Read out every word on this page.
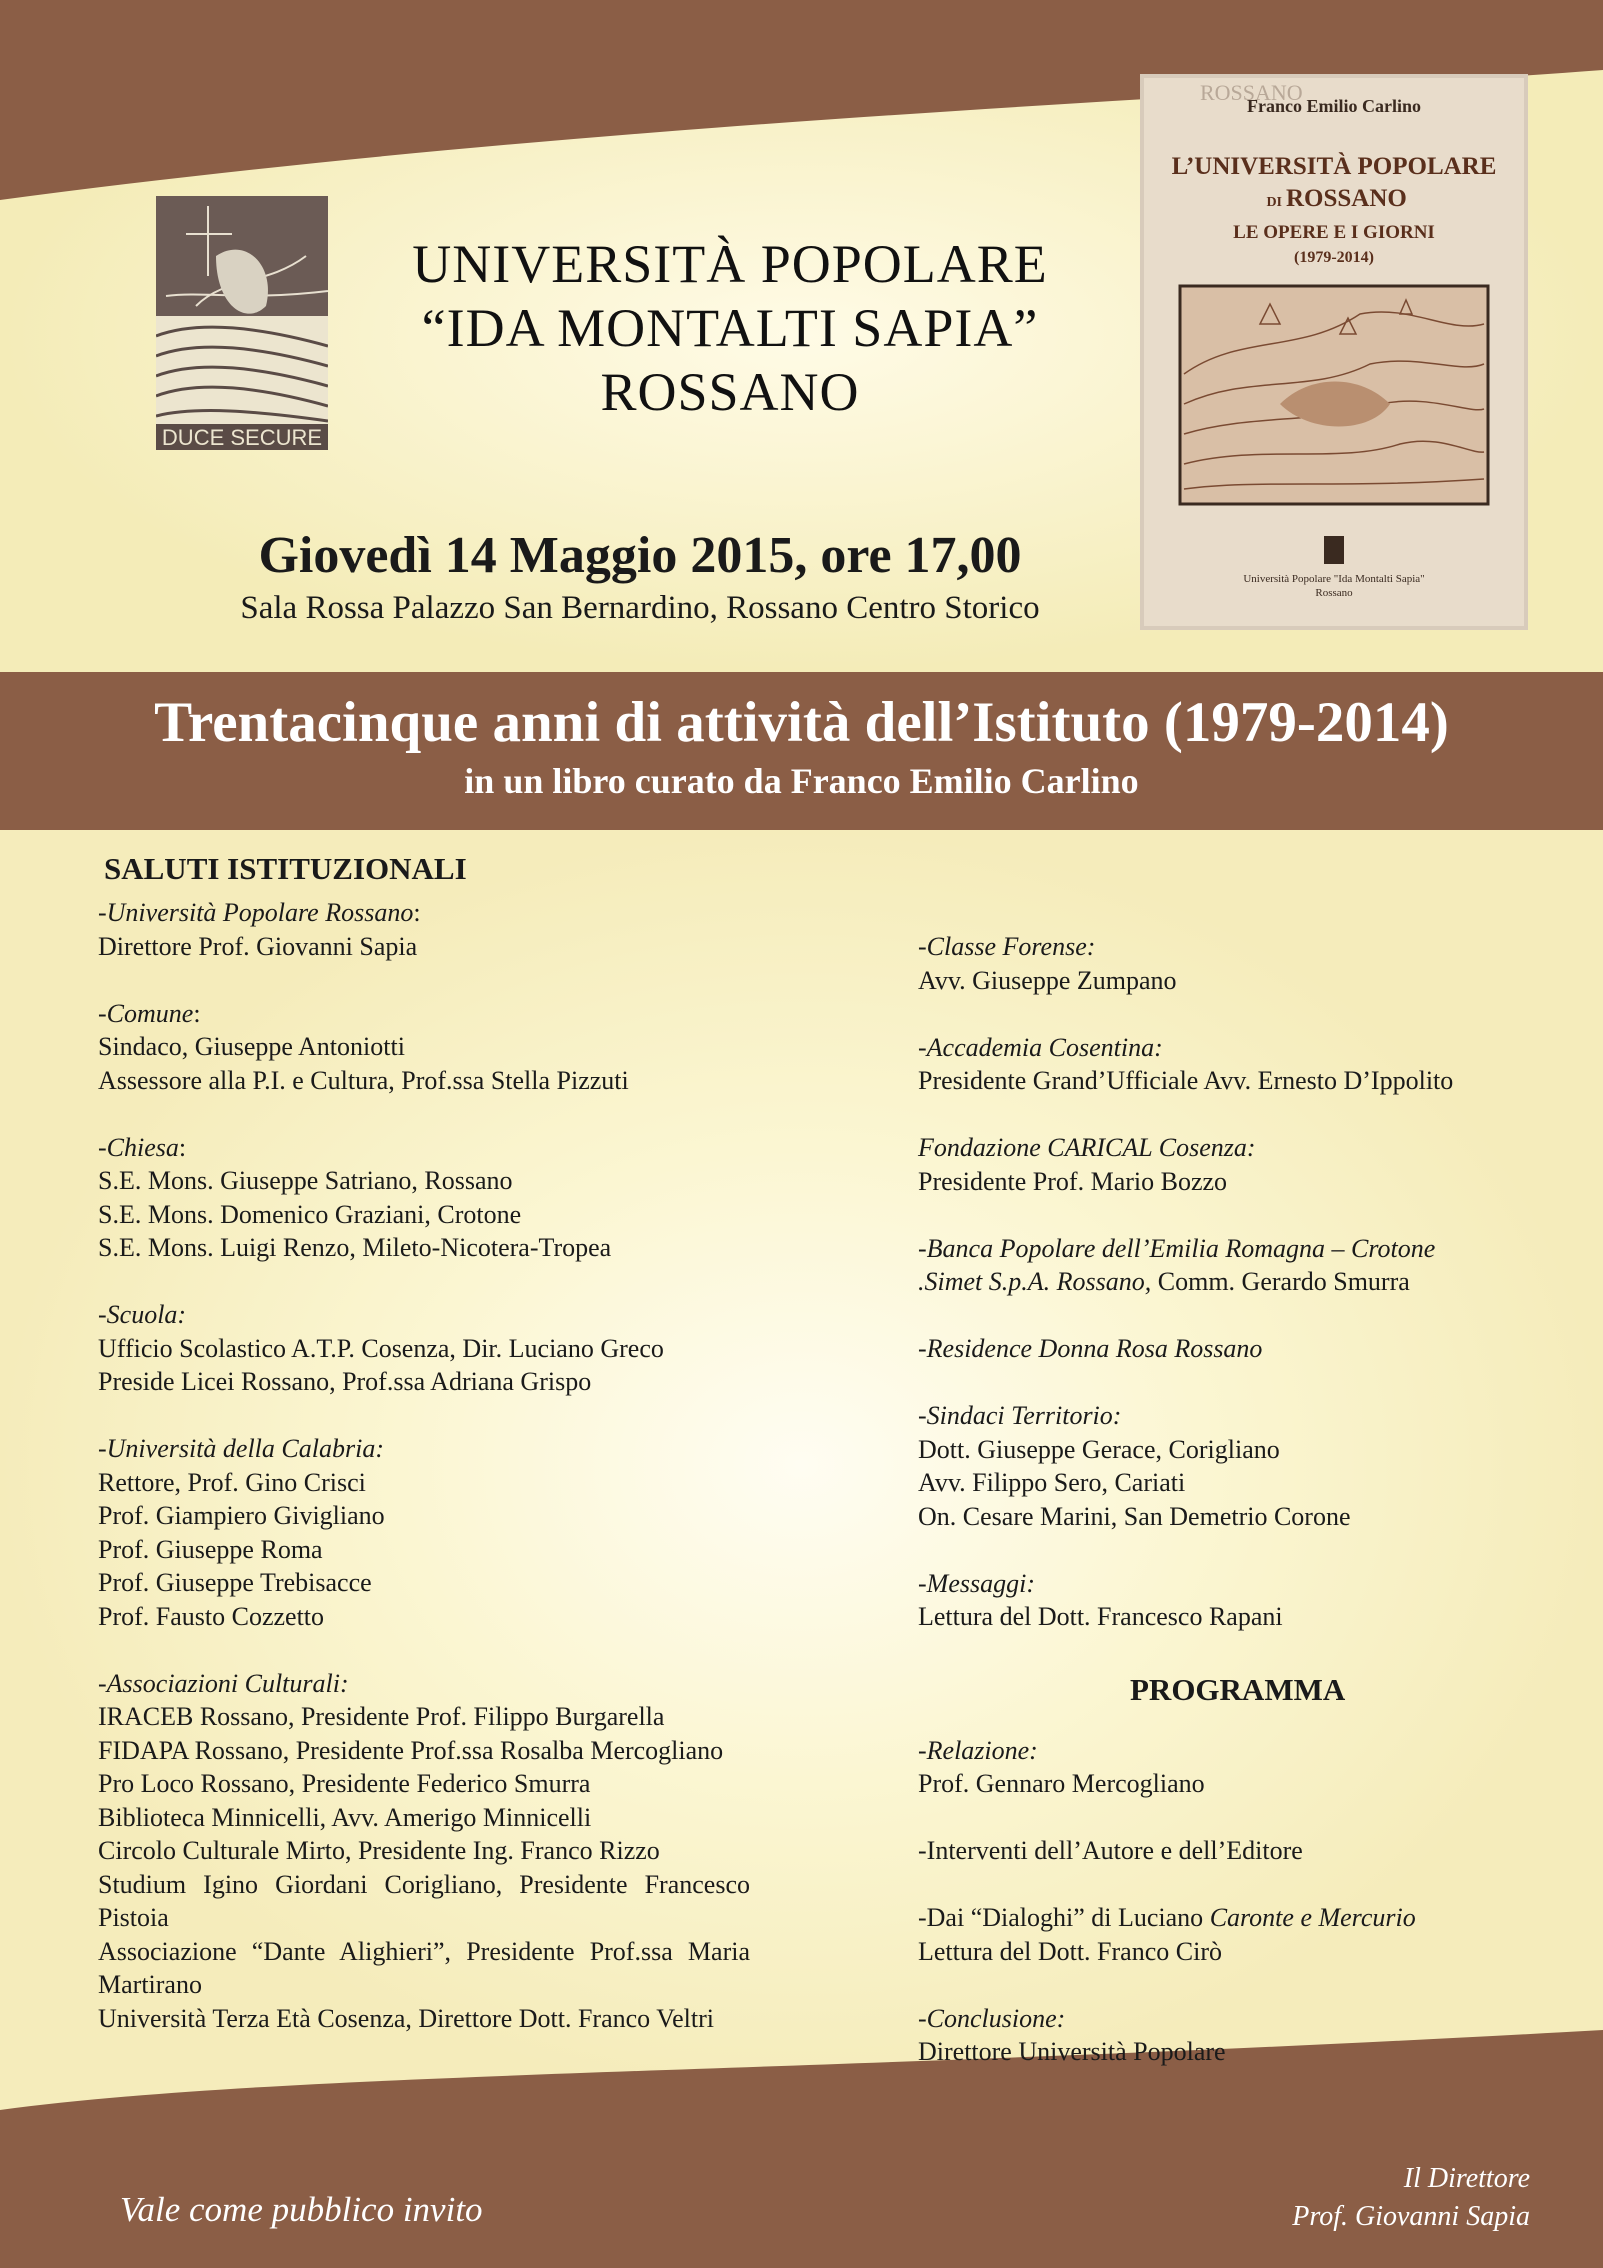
DUCE SECURE
UNIVERSITÀ POPOLARE
“IDA MONTALTI SAPIA”
ROSSANO
Giovedì 14 Maggio 2015, ore 17,00
Sala Rossa Palazzo San Bernardino, Rossano Centro Storico
ROSSANO
Franco Emilio Carlino
L’UNIVERSITÀ POPOLARE
DI ROSSANO
LE OPERE E I GIORNI
(1979-2014)
Università Popolare "Ida Montalti Sapia"
Rossano
Trentacinque anni di attività dell’Istituto (1979-2014)
in un libro curato da Franco Emilio Carlino
SALUTI ISTITUZIONALI
-Università Popolare Rossano:
Direttore Prof. Giovanni Sapia
-Comune:
Sindaco, Giuseppe Antoniotti
Assessore alla P.I. e Cultura, Prof.ssa Stella Pizzuti
-Chiesa:
S.E. Mons. Giuseppe Satriano, Rossano
S.E. Mons. Domenico Graziani, Crotone
S.E. Mons. Luigi Renzo, Mileto-Nicotera-Tropea
-Scuola:
Ufficio Scolastico A.T.P. Cosenza, Dir. Luciano Greco
Preside Licei Rossano, Prof.ssa Adriana Grispo
-Università della Calabria:
Rettore, Prof. Gino Crisci
Prof. Giampiero Givigliano
Prof. Giuseppe Roma
Prof. Giuseppe Trebisacce
Prof. Fausto Cozzetto
-Associazioni Culturali:
IRACEB Rossano, Presidente Prof. Filippo Burgarella
FIDAPA Rossano, Presidente Prof.ssa Rosalba Mercogliano
Pro Loco Rossano, Presidente Federico Smurra
Biblioteca Minnicelli, Avv. Amerigo Minnicelli
Circolo Culturale Mirto, Presidente Ing. Franco Rizzo
Studium Igino Giordani Corigliano, Presidente Francesco Pistoia
Associazione “Dante Alighieri”, Presidente Prof.ssa Maria Martirano
Università Terza Età Cosenza, Direttore Dott. Franco Veltri
-Classe Forense:
Avv. Giuseppe Zumpano
-Accademia Cosentina:
Presidente Grand’Ufficiale Avv. Ernesto D’Ippolito
Fondazione CARICAL Cosenza:
Presidente Prof. Mario Bozzo
-Banca Popolare dell’Emilia Romagna – Crotone
.Simet S.p.A. Rossano, Comm. Gerardo Smurra
-Residence Donna Rosa Rossano
-Sindaci Territorio:
Dott. Giuseppe Gerace, Corigliano
Avv. Filippo Sero, Cariati
On. Cesare Marini, San Demetrio Corone
-Messaggi:
Lettura del Dott. Francesco Rapani
-Relazione:
Prof. Gennaro Mercogliano
-Interventi dell’Autore e dell’Editore
-Dai “Dialoghi” di Luciano Caronte e Mercurio
Lettura del Dott. Franco Cirò
-Conclusione:
Direttore Università Popolare
PROGRAMMA
Vale come pubblico invito
Il Direttore
Prof. Giovanni Sapia
